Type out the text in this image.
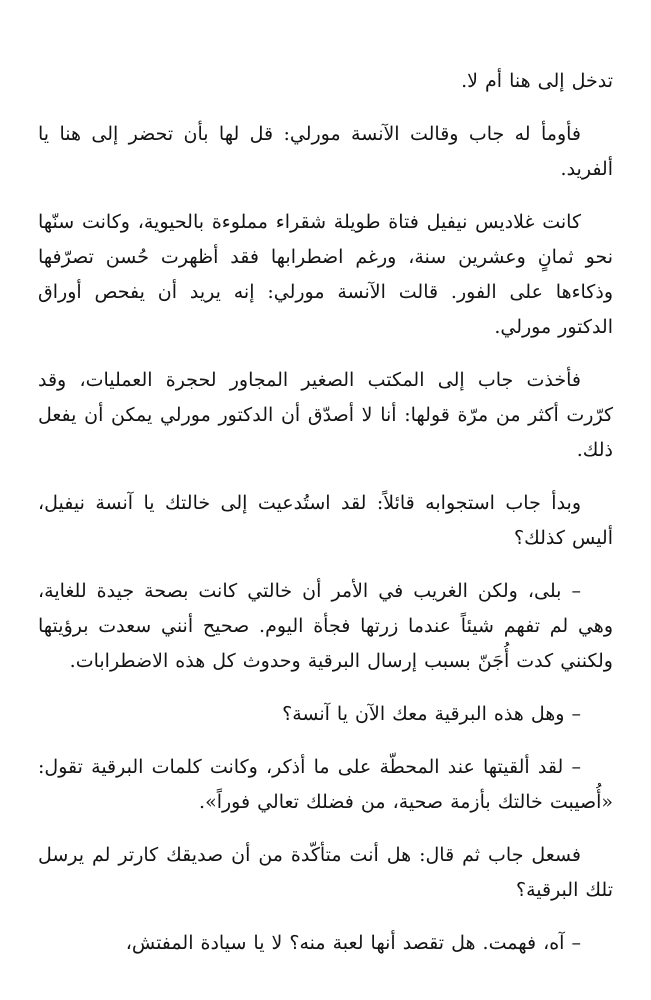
تدخل إلى هنا أم لا.

فأومأ له جاب وقالت الآنسة مورلي: قل لها بأن تحضر إلى هنا يا ألفريد.

كانت غلاديس نيفيل فتاة طويلة شقراء مملوءة بالحيوية، وكانت سنّها نحو ثمانٍ وعشرين سنة، ورغم اضطرابها فقد أظهرت حُسن تصرّفها وذكاءها على الفور. قالت الآنسة مورلي: إنه يريد أن يفحص أوراق الدكتور مورلي.

فأخذت جاب إلى المكتب الصغير المجاور لحجرة العمليات، وقد كرّرت أكثر من مرّة قولها: أنا لا أصدّق أن الدكتور مورلي يمكن أن يفعل ذلك.

وبدأ جاب استجوابه قائلاً: لقد استُدعيت إلى خالتك يا آنسة نيفيل، أليس كذلك؟

– بلى، ولكن الغريب في الأمر أن خالتي كانت بصحة جيدة للغاية، وهي لم تفهم شيئاً عندما زرتها فجأة اليوم. صحيح أنني سعدت برؤيتها ولكنني كدت أُجَنّ بسبب إرسال البرقية وحدوث كل هذه الاضطرابات.

– وهل هذه البرقية معك الآن يا آنسة؟

– لقد ألقيتها عند المحطّة على ما أذكر، وكانت كلمات البرقية تقول: «أُصيبت خالتك بأزمة صحية، من فضلك تعالي فوراً».

فسعل جاب ثم قال: هل أنت متأكّدة من أن صديقك كارتر لم يرسل تلك البرقية؟

– آه، فهمت. هل تقصد أنها لعبة منه؟ لا يا سيادة المفتش،
